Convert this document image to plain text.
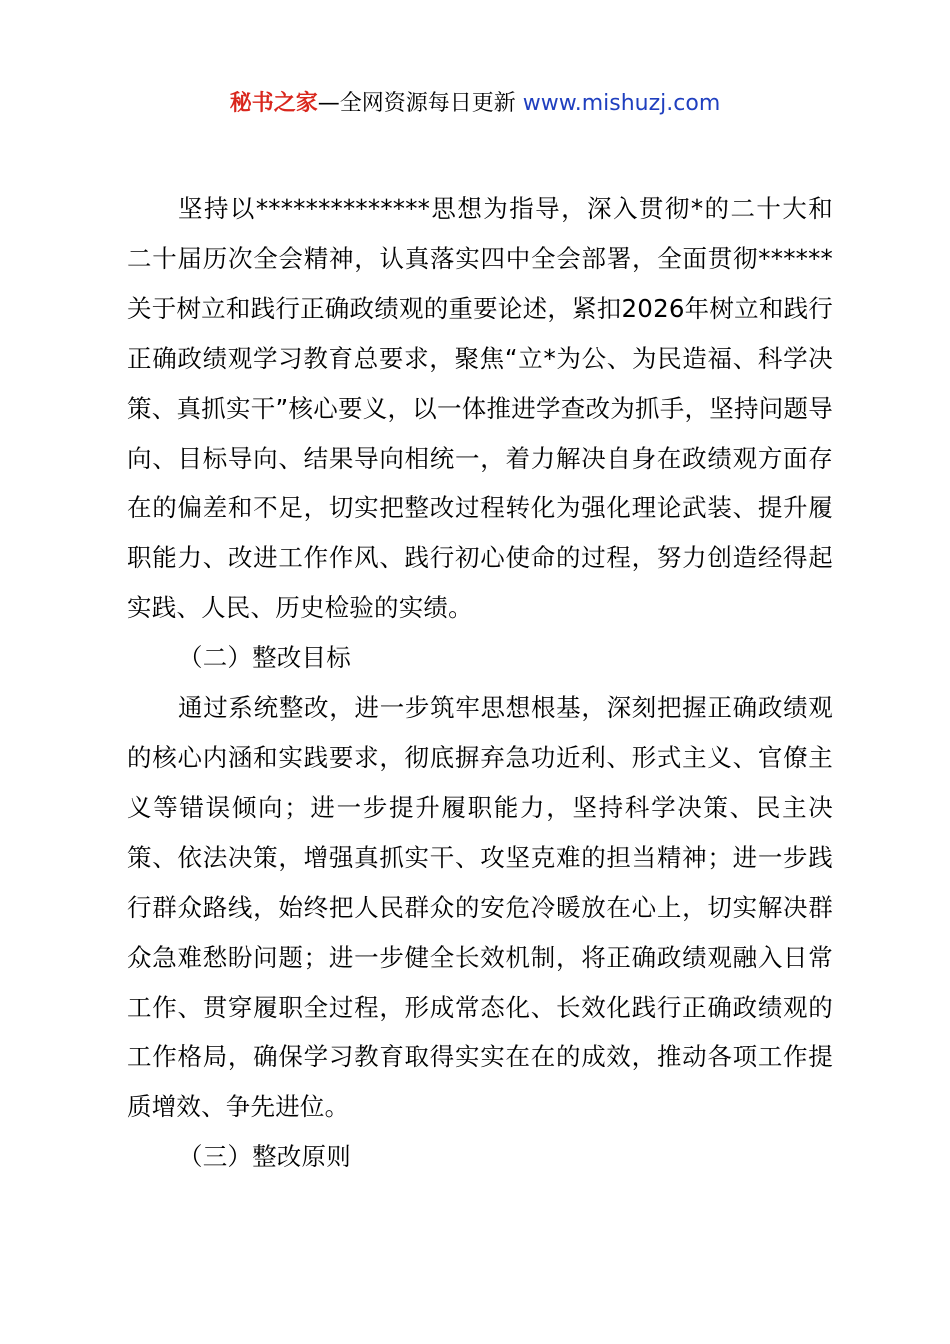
秘书之家—全网资源每日更新 www.mishuzj.com

坚持以**************思想为指导，深入贯彻*的二十大和二十届历次全会精神，认真落实四中全会部署，全面贯彻******关于树立和践行正确政绩观的重要论述，紧扣2026年树立和践行正确政绩观学习教育总要求，聚焦“立*为公、为民造福、科学决策、真抓实干”核心要义，以一体推进学查改为抓手，坚持问题导向、目标导向、结果导向相统一，着力解决自身在政绩观方面存在的偏差和不足，切实把整改过程转化为强化理论武装、提升履职能力、改进工作作风、践行初心使命的过程，努力创造经得起实践、人民、历史检验的实绩。

（二）整改目标

通过系统整改，进一步筑牢思想根基，深刻把握正确政绩观的核心内涵和实践要求，彻底摒弃急功近利、形式主义、官僚主义等错误倾向；进一步提升履职能力，坚持科学决策、民主决策、依法决策，增强真抓实干、攻坚克难的担当精神；进一步践行群众路线，始终把人民群众的安危冷暖放在心上，切实解决群众急难愁盼问题；进一步健全长效机制，将正确政绩观融入日常工作、贯穿履职全过程，形成常态化、长效化践行正确政绩观的工作格局，确保学习教育取得实实在在的成效，推动各项工作提质增效、争先进位。

（三）整改原则
